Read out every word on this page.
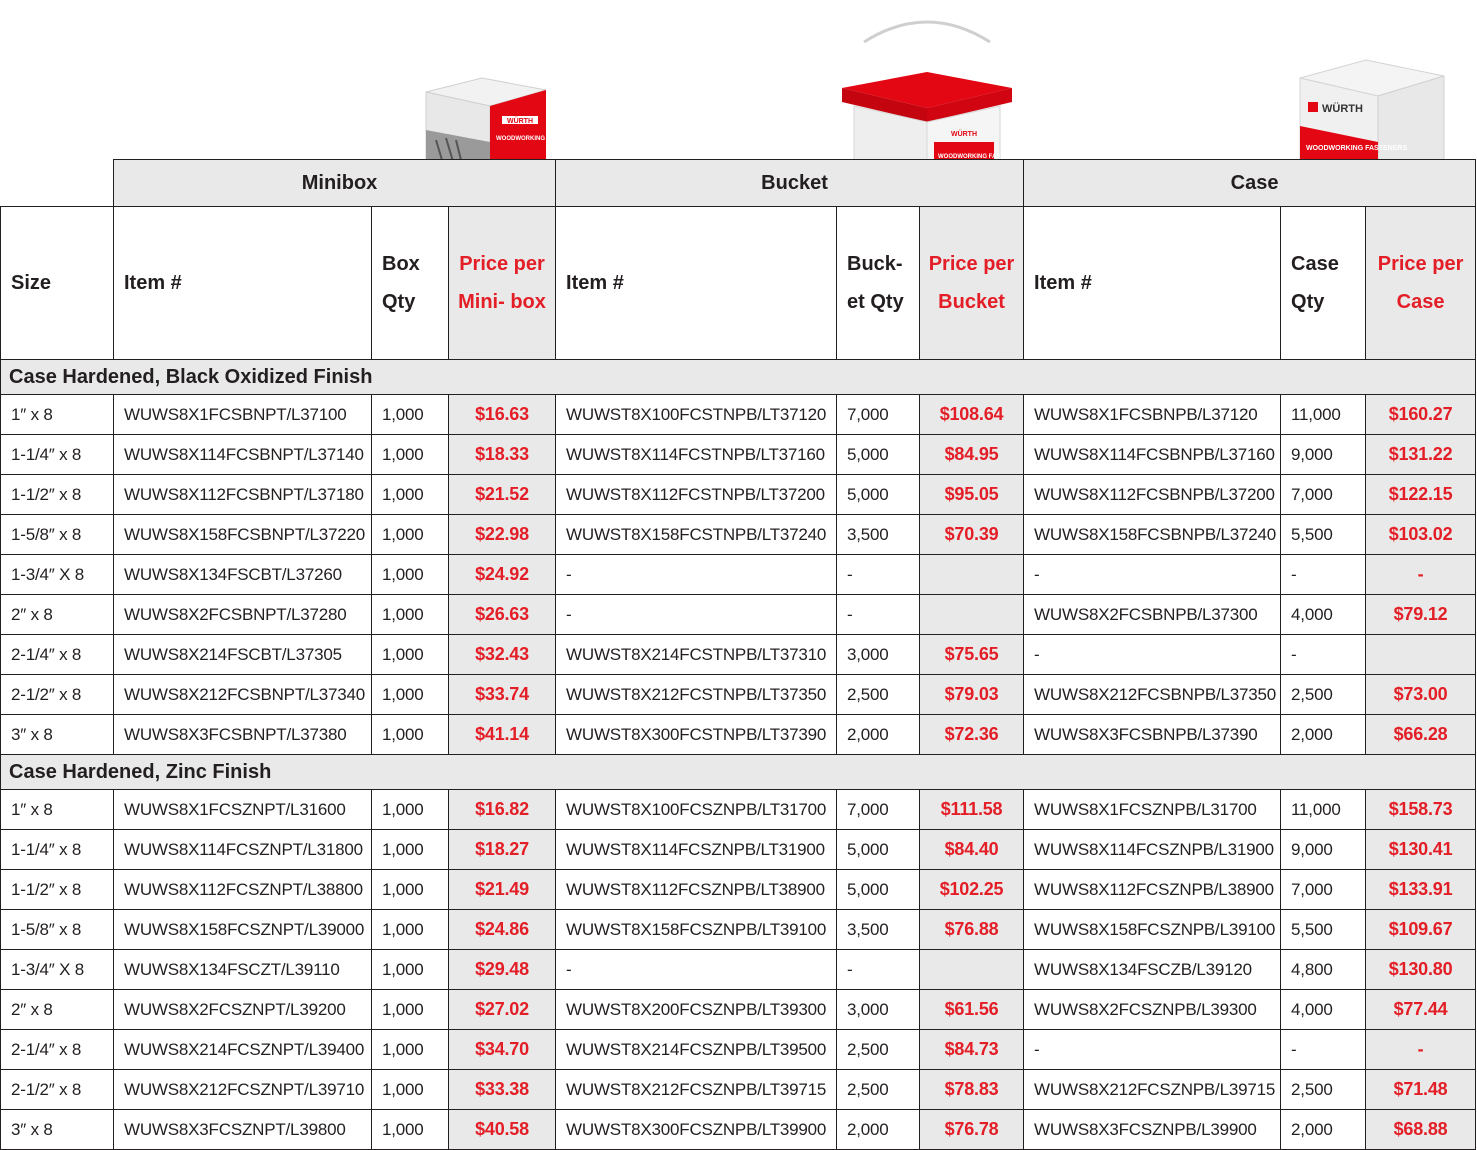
WÜRTH
WOODWORKING FASTENERS
WÜRTH
WOODWORKING FASTENERS
WÜRTH
WOODWORKING FASTENERS
	Minibox			Bucket			Case		
Size	Item #	Box Qty	Price per Mini- box	Item #	Buck- et Qty	Price per Bucket	Item #	Case Qty	Price per Case
Case Hardened, Black Oxidized Finish									
1″ x 8	WUWS8X1FCSBNPT/L37100	1,000	$16.63	WUWST8X100FCSTNPB/LT37120	7,000	$108.64	WUWS8X1FCSBNPB/L37120	11,000	$160.27
1-1/4″ x 8	WUWS8X114FCSBNPT/L37140	1,000	$18.33	WUWST8X114FCSTNPB/LT37160	5,000	$84.95	WUWS8X114FCSBNPB/L37160	9,000	$131.22
1-1/2″ x 8	WUWS8X112FCSBNPT/L37180	1,000	$21.52	WUWST8X112FCSTNPB/LT37200	5,000	$95.05	WUWS8X112FCSBNPB/L37200	7,000	$122.15
1-5/8″ x 8	WUWS8X158FCSBNPT/L37220	1,000	$22.98	WUWST8X158FCSTNPB/LT37240	3,500	$70.39	WUWS8X158FCSBNPB/L37240	5,500	$103.02
1-3/4″ X 8	WUWS8X134FSCBT/L37260	1,000	$24.92	-	-		-	-	-
2″ x 8	WUWS8X2FCSBNPT/L37280	1,000	$26.63	-	-		WUWS8X2FCSBNPB/L37300	4,000	$79.12
2-1/4″ x 8	WUWS8X214FSCBT/L37305	1,000	$32.43	WUWST8X214FCSTNPB/LT37310	3,000	$75.65	-	-	
2-1/2″ x 8	WUWS8X212FCSBNPT/L37340	1,000	$33.74	WUWST8X212FCSTNPB/LT37350	2,500	$79.03	WUWS8X212FCSBNPB/L37350	2,500	$73.00
3″ x 8	WUWS8X3FCSBNPT/L37380	1,000	$41.14	WUWST8X300FCSTNPB/LT37390	2,000	$72.36	WUWS8X3FCSBNPB/L37390	2,000	$66.28
Case Hardened, Zinc Finish									
1″ x 8	WUWS8X1FCSZNPT/L31600	1,000	$16.82	WUWST8X100FCSZNPB/LT31700	7,000	$111.58	WUWS8X1FCSZNPB/L31700	11,000	$158.73
1-1/4″ x 8	WUWS8X114FCSZNPT/L31800	1,000	$18.27	WUWST8X114FCSZNPB/LT31900	5,000	$84.40	WUWS8X114FCSZNPB/L31900	9,000	$130.41
1-1/2″ x 8	WUWS8X112FCSZNPT/L38800	1,000	$21.49	WUWST8X112FCSZNPB/LT38900	5,000	$102.25	WUWS8X112FCSZNPB/L38900	7,000	$133.91
1-5/8″ x 8	WUWS8X158FCSZNPT/L39000	1,000	$24.86	WUWST8X158FCSZNPB/LT39100	3,500	$76.88	WUWS8X158FCSZNPB/L39100	5,500	$109.67
1-3/4″ X 8	WUWS8X134FSCZT/L39110	1,000	$29.48	-	-		WUWS8X134FSCZB/L39120	4,800	$130.80
2″ x 8	WUWS8X2FCSZNPT/L39200	1,000	$27.02	WUWST8X200FCSZNPB/LT39300	3,000	$61.56	WUWS8X2FCSZNPB/L39300	4,000	$77.44
2-1/4″ x 8	WUWS8X214FCSZNPT/L39400	1,000	$34.70	WUWST8X214FCSZNPB/LT39500	2,500	$84.73	-	-	-
2-1/2″ x 8	WUWS8X212FCSZNPT/L39710	1,000	$33.38	WUWST8X212FCSZNPB/LT39715	2,500	$78.83	WUWS8X212FCSZNPB/L39715	2,500	$71.48
3″ x 8	WUWS8X3FCSZNPT/L39800	1,000	$40.58	WUWST8X300FCSZNPB/LT39900	2,000	$76.78	WUWS8X3FCSZNPB/L39900	2,000	$68.88
